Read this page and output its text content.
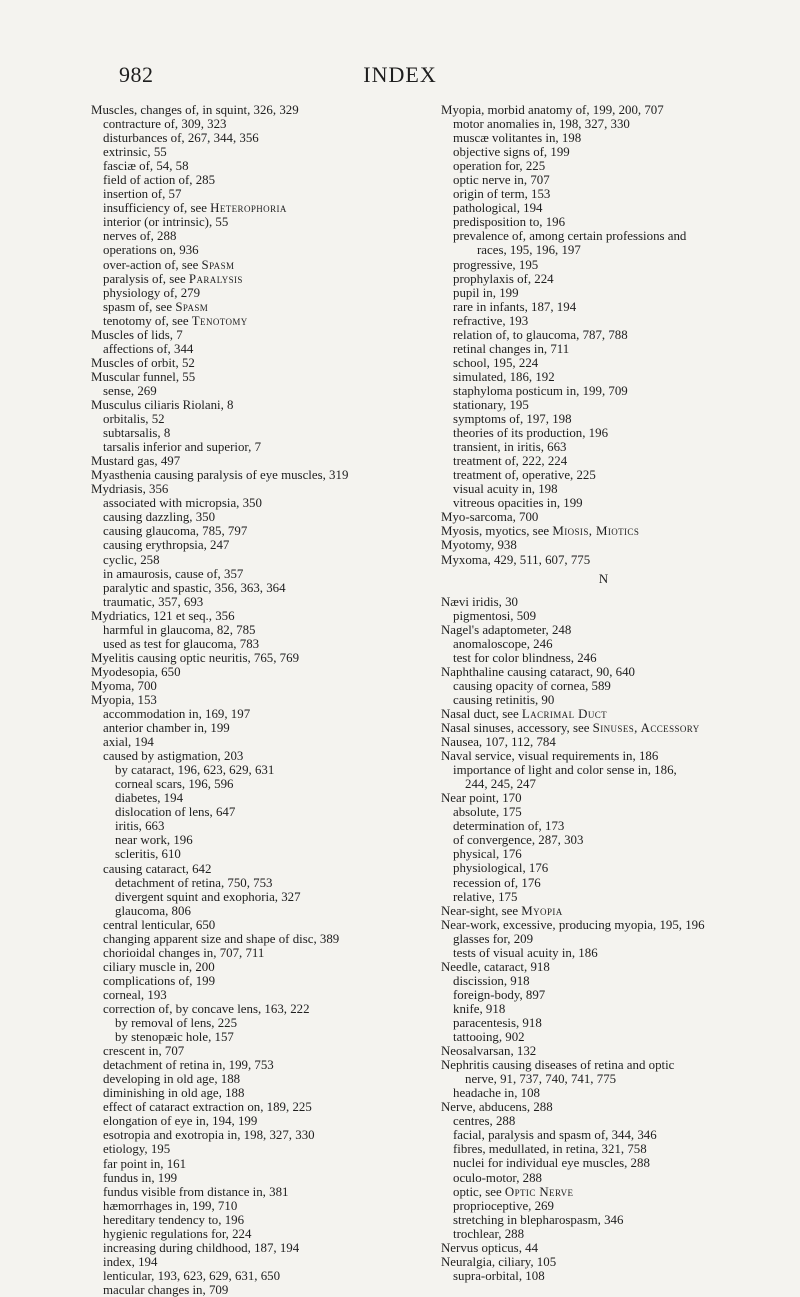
982	INDEX
Muscles, changes of, in squint, 326, 329
contracture of, 309, 323
disturbances of, 267, 344, 356
extrinsic, 55
fasciæ of, 54, 58
field of action of, 285
insertion of, 57
insufficiency of, see Heterophoria
interior (or intrinsic), 55
nerves of, 288
operations on, 936
over-action of, see Spasm
paralysis of, see Paralysis
physiology of, 279
spasm of, see Spasm
tenotomy of, see Tenotomy
Muscles of lids, 7
affections of, 344
Muscles of orbit, 52
Muscular funnel, 55
sense, 269
Musculus ciliaris Riolani, 8
orbitalis, 52
subtarsalis, 8
tarsalis inferior and superior, 7
Mustard gas, 497
Myasthenia causing paralysis of eye muscles, 319
Mydriasis, 356
associated with micropsia, 350
causing dazzling, 350
causing glaucoma, 785, 797
causing erythropsia, 247
cyclic, 258
in amaurosis, cause of, 357
paralytic and spastic, 356, 363, 364
traumatic, 357, 693
Mydriatics, 121 et seq., 356
harmful in glaucoma, 82, 785
used as test for glaucoma, 783
Myelitis causing optic neuritis, 765, 769
Myodesopia, 650
Myoma, 700
Myopia, 153
accommodation in, 169, 197
anterior chamber in, 199
axial, 194
caused by astigmation, 203
by cataract, 196, 623, 629, 631
corneal scars, 196, 596
diabetes, 194
dislocation of lens, 647
iritis, 663
near work, 196
scleritis, 610
causing cataract, 642
detachment of retina, 750, 753
divergent squint and exophoria, 327
glaucoma, 806
central lenticular, 650
changing apparent size and shape of disc, 389
chorioidal changes in, 707, 711
ciliary muscle in, 200
complications of, 199
corneal, 193
correction of, by concave lens, 163, 222
by removal of lens, 225
by stenopæic hole, 157
crescent in, 707
detachment of retina in, 199, 753
developing in old age, 188
diminishing in old age, 188
effect of cataract extraction on, 189, 225
elongation of eye in, 194, 199
esotropia and exotropia in, 198, 327, 330
etiology, 195
far point in, 161
fundus in, 199
fundus visible from distance in, 381
hæmorrhages in, 199, 710
hereditary tendency to, 196
hygienic regulations for, 224
increasing during childhood, 187, 194
index, 194
lenticular, 193, 623, 629, 631, 650
macular changes in, 709
Myopia, morbid anatomy of, 199, 200, 707
motor anomalies in, 198, 327, 330
muscæ volitantes in, 198
objective signs of, 199
operation for, 225
optic nerve in, 707
origin of term, 153
pathological, 194
predisposition to, 196
prevalence of, among certain professions and
races, 195, 196, 197
progressive, 195
prophylaxis of, 224
pupil in, 199
rare in infants, 187, 194
refractive, 193
relation of, to glaucoma, 787, 788
retinal changes in, 711
school, 195, 224
simulated, 186, 192
staphyloma posticum in, 199, 709
stationary, 195
symptoms of, 197, 198
theories of its production, 196
transient, in iritis, 663
treatment of, 222, 224
treatment of, operative, 225
visual acuity in, 198
vitreous opacities in, 199
Myo-sarcoma, 700
Myosis, myotics, see Miosis, Miotics
Myotomy, 938
Myxoma, 429, 511, 607, 775
N
Nævi iridis, 30
pigmentosi, 509
Nagel's adaptometer, 248
anomaloscope, 246
test for color blindness, 246
Naphthaline causing cataract, 90, 640
causing opacity of cornea, 589
causing retinitis, 90
Nasal duct, see Lacrimal Duct
Nasal sinuses, accessory, see Sinuses, Accessory
Nausea, 107, 112, 784
Naval service, visual requirements in, 186
importance of light and color sense in, 186,
244, 245, 247
Near point, 170
absolute, 175
determination of, 173
of convergence, 287, 303
physical, 176
physiological, 176
recession of, 176
relative, 175
Near-sight, see Myopia
Near-work, excessive, producing myopia, 195, 196
glasses for, 209
tests of visual acuity in, 186
Needle, cataract, 918
discission, 918
foreign-body, 897
knife, 918
paracentesis, 918
tattooing, 902
Neosalvarsan, 132
Nephritis causing diseases of retina and optic
nerve, 91, 737, 740, 741, 775
headache in, 108
Nerve, abducens, 288
centres, 288
facial, paralysis and spasm of, 344, 346
fibres, medullated, in retina, 321, 758
nuclei for individual eye muscles, 288
oculo-motor, 288
optic, see Optic Nerve
proprioceptive, 269
stretching in blepharospasm, 346
trochlear, 288
Nervus opticus, 44
Neuralgia, ciliary, 105
supra-orbital, 108
